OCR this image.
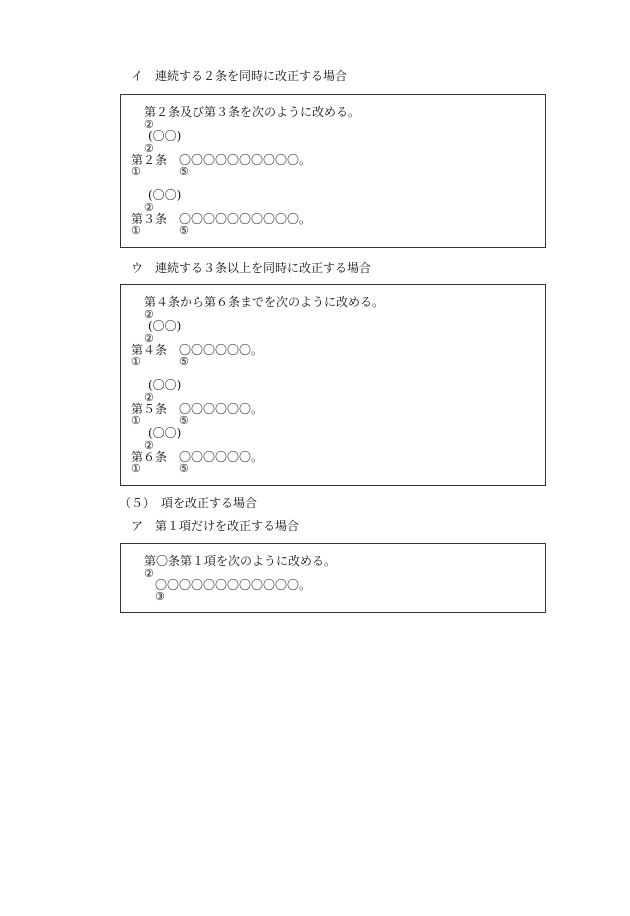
イ　連続する２条を同時に改正する場合
第２条及び第３条を次のように改める。
②
(〇〇)
②
第２条 〇〇〇〇〇〇〇〇〇〇。
①	⑤
(〇〇)
②
第３条 〇〇〇〇〇〇〇〇〇〇。
①	⑤
ウ　連続する３条以上を同時に改正する場合
第４条から第６条までを次のように改める。
②
(〇〇)
②
第４条 〇〇〇〇〇〇。
①	⑤
(〇〇)
②
第５条 〇〇〇〇〇〇。
①	⑤
(〇〇)
②
第６条 〇〇〇〇〇〇。
①	⑤
（５）　項を改正する場合
ア　第１項だけを改正する場合
第〇条第１項を次のように改める。
②
〇〇〇〇〇〇〇〇〇〇〇〇。
③
